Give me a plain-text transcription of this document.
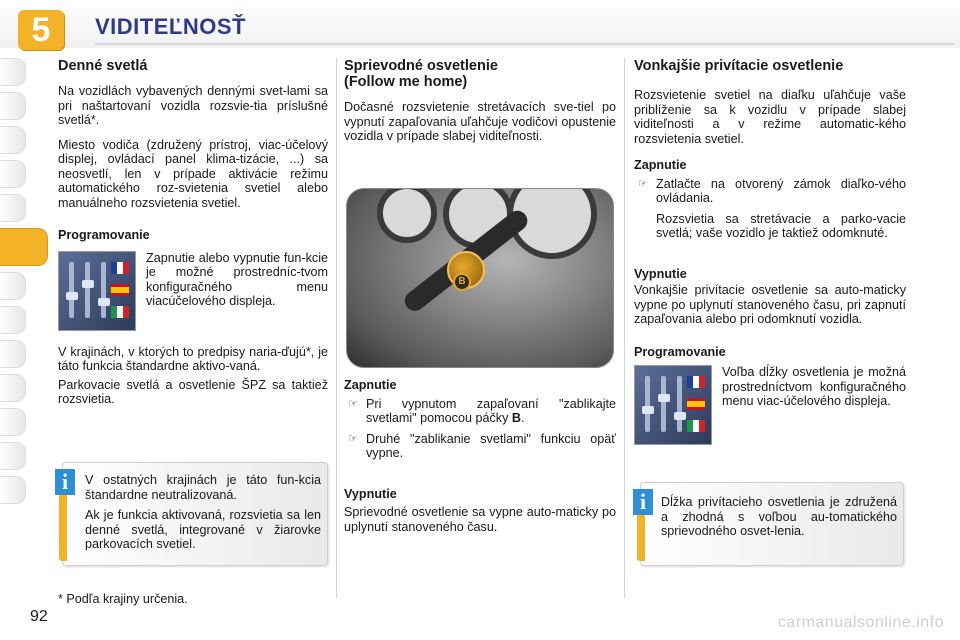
5	VIDITEĽNOSŤ
Denné svetlá

Na vozidlách vybavených dennými svet-lami sa pri naštartovaní vozidla rozsvie-tia príslušné svetlá*.

Miesto vodiča (združený prístroj, viac-účelový displej, ovládací panel klima-tizácie, ...) sa neosvetlí, len v prípade aktivácie režimu automatického roz-svietenia svetiel alebo manuálneho rozsvietenia svetiel.

Programovanie
Zapnutie alebo vypnutie fun-kcie je možné prostredníc-tvom konfiguračného menu viacúčelového displeja.

V krajinách, v ktorých to predpisy naria-ďujú*, je táto funkcia štandardne aktivo-vaná.

Parkovacie svetlá a osvetlenie ŠPZ sa taktiež rozsvietia.

i	V ostatných krajinách je táto fun-kcia štandardne neutralizovaná.

Ak je funkcia aktivovaná, rozsvietia sa len denné svetlá, integrované v žiarovke parkovacích svetiel.

* Podľa krajiny určenia.
Sprievodné osvetlenie
(Follow me home)

Dočasné rozsvietenie stretávacích sve-tiel po vypnutí zapaľovania uľahčuje vodičovi opustenie vozidla v prípade slabej viditeľnosti.

B
Zapnutie
☞ Pri vypnutom zapaľovaní "zablikajte svetlami" pomocou páčky B.
☞ Druhé "zablikanie svetlami" funkciu opäť vypne.
Vypnutie

Sprievodné osvetlenie sa vypne auto-maticky po uplynutí stanoveného času.

Vonkajšie privítacie osvetlenie

Rozsvietenie svetiel na diaľku uľahčuje vaše priblíženie sa k vozidlu v prípade slabej viditeľnosti a v režime automatic-kého rozsvietenia svetiel.

Zapnutie
☞ Zatlačte na otvorený zámok diaľko-vého ovládania.
Rozsvietia sa stretávacie a parko-vacie svetlá; vaše vozidlo je taktiež odomknuté.
Vypnutie

Vonkajšie privítacie osvetlenie sa auto-maticky vypne po uplynutí stanoveného času, pri zapnutí zapaľovania alebo pri odomknutí vozidla.

Programovanie
Voľba dĺžky osvetlenia je možná prostredníctvom konfiguračného menu viac-účelového displeja.
i	Dĺžka privítacieho osvetlenia je združená a zhodná s voľbou au-tomatického sprievodného osvet-lenia.

92	carmanualsonline.info
